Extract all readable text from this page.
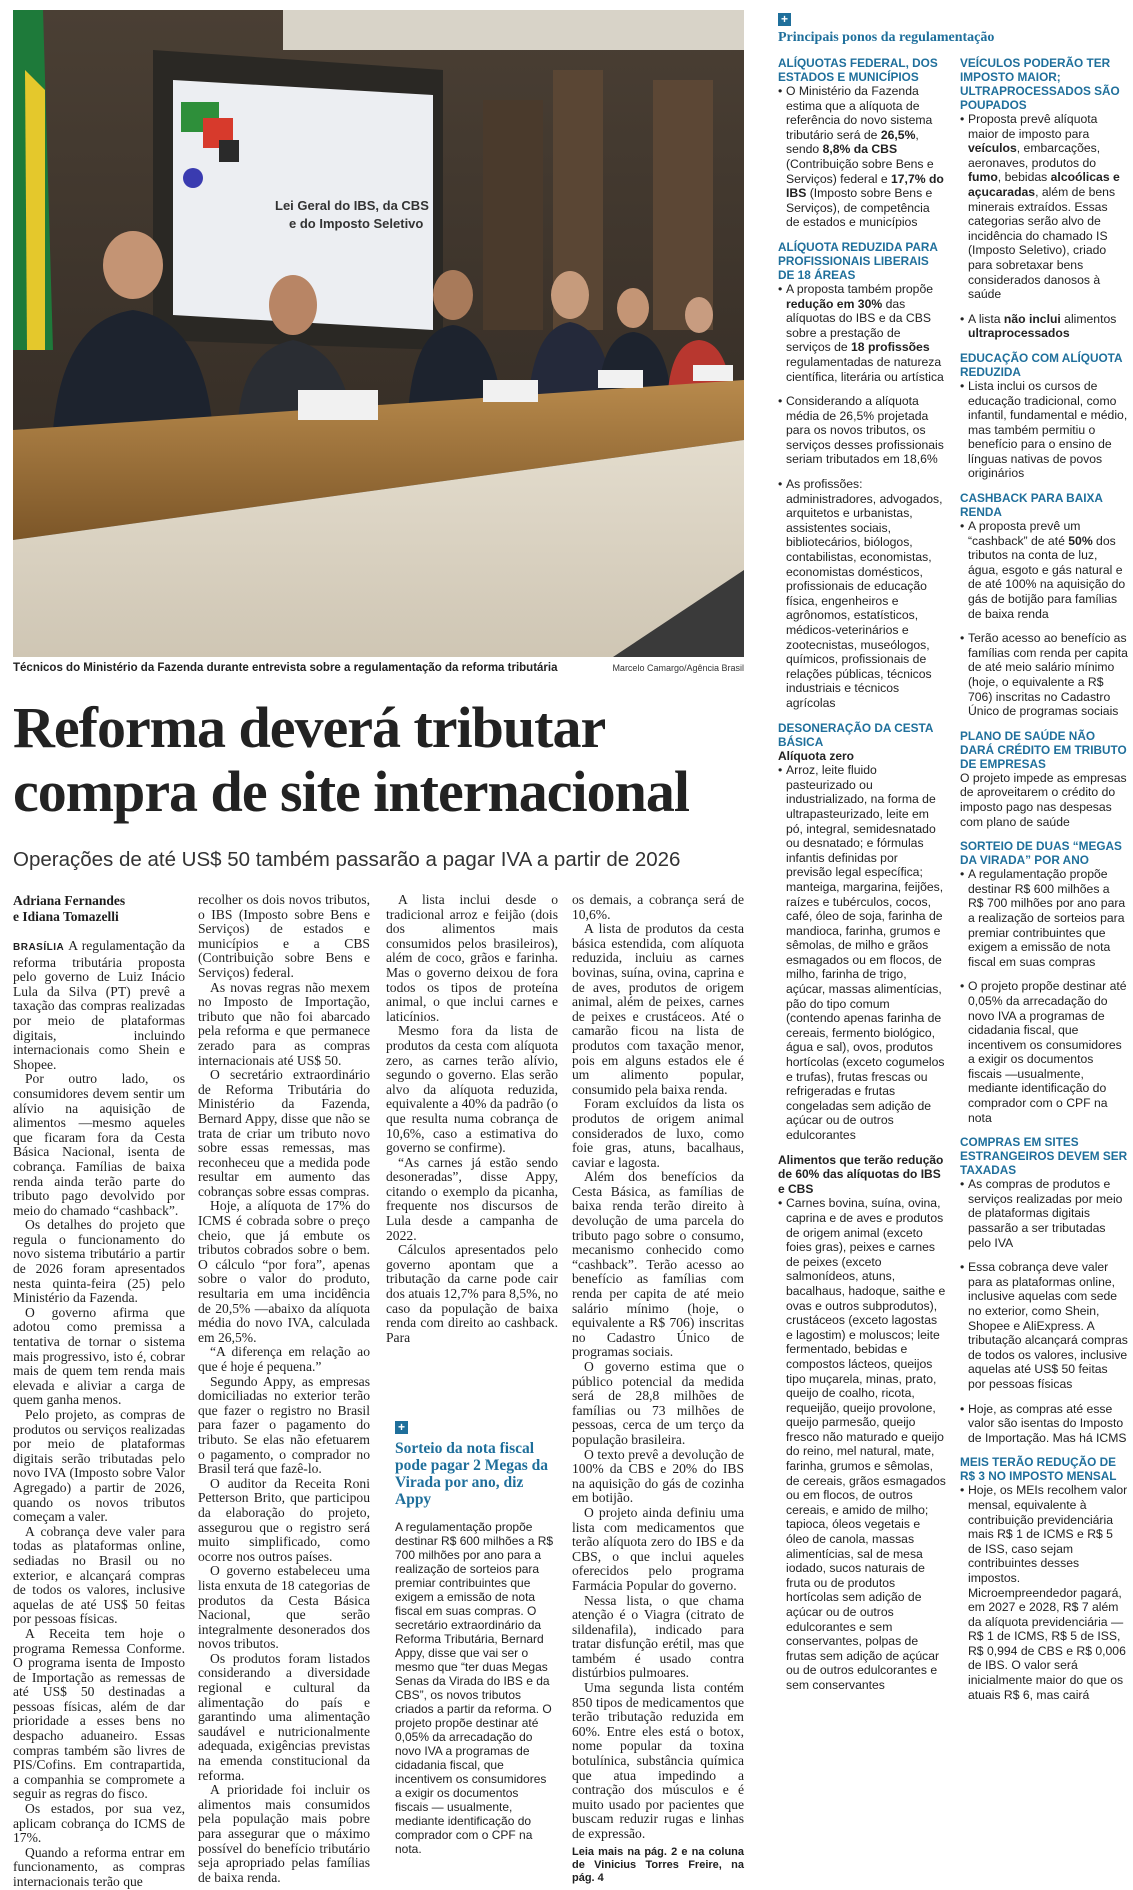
Lei Geral do IBS, da CBS
e do Imposto Seletivo
Técnicos do Ministério da Fazenda durante entrevista sobre a regulamentação da reforma tributária	Marcelo Camargo/Agência Brasil
Reforma deverá tributar
compra de site internacional
Operações de até US$ 50 também passarão a pagar IVA a partir de 2026
Adriana Fernandes
e Idiana Tomazelli

BRASÍLIA A regulamentação da reforma tributária proposta pelo governo de Luiz Inácio Lula da Silva (PT) prevê a taxação das compras realizadas por meio de plataformas digitais, incluindo internacionais como Shein e Shopee.

Por outro lado, os consumidores devem sentir um alívio na aquisição de alimentos —mesmo aqueles que ficaram fora da Cesta Básica Nacional, isenta de cobrança. Famílias de baixa renda ainda terão parte do tributo pago devolvido por meio do chamado “cashback”.

Os detalhes do projeto que regula o funcionamento do novo sistema tributário a partir de 2026 foram apresentados nesta quinta-feira (25) pelo Ministério da Fazenda.

O governo afirma que adotou como premissa a tentativa de tornar o sistema mais progressivo, isto é, cobrar mais de quem tem renda mais elevada e aliviar a carga de quem ganha menos.

Pelo projeto, as compras de produtos ou serviços realizadas por meio de plataformas digitais serão tributadas pelo novo IVA (Imposto sobre Valor Agregado) a partir de 2026, quando os novos tributos começam a valer.

A cobrança deve valer para todas as plataformas online, sediadas no Brasil ou no exterior, e alcançará compras de todos os valores, inclusive aquelas de até US$ 50 feitas por pessoas físicas.

A Receita tem hoje o programa Remessa Conforme. O programa isenta de Imposto de Importação as remessas de até US$ 50 destinadas a pessoas físicas, além de dar prioridade a esses bens no despacho aduaneiro. Essas compras também são livres de PIS/Cofins. Em contrapartida, a companhia se compromete a seguir as regras do fisco.

Os estados, por sua vez, aplicam cobrança do ICMS de 17%.

Quando a reforma entrar em funcionamento, as compras internacionais terão que

recolher os dois novos tributos, o IBS (Imposto sobre Bens e Serviços) de estados e municípios e a CBS (Contribuição sobre Bens e Serviços) federal.

As novas regras não mexem no Imposto de Importação, tributo que não foi abarcado pela reforma e que permanece zerado para as compras internacionais até US$ 50.

O secretário extraordinário de Reforma Tributária do Ministério da Fazenda, Bernard Appy, disse que não se trata de criar um tributo novo sobre essas remessas, mas reconheceu que a medida pode resultar em aumento das cobranças sobre essas compras.

Hoje, a alíquota de 17% do ICMS é cobrada sobre o preço cheio, que já embute os tributos cobrados sobre o bem. O cálculo “por fora”, apenas sobre o valor do produto, resultaria em uma incidência de 20,5% —abaixo da alíquota média do novo IVA, calculada em 26,5%.

“A diferença em relação ao que é hoje é pequena.”

Segundo Appy, as empresas domiciliadas no exterior terão que fazer o registro no Brasil para fazer o pagamento do tributo. Se elas não efetuarem o pagamento, o comprador no Brasil terá que fazê-lo.

O auditor da Receita Roni Petterson Brito, que participou da elaboração do projeto, assegurou que o registro será muito simplificado, como ocorre nos outros países.

O governo estabeleceu uma lista enxuta de 18 categorias de produtos da Cesta Básica Nacional, que serão integralmente desonerados dos novos tributos.

Os produtos foram listados considerando a diversidade regional e cultural da alimentação do país e garantindo uma alimentação saudável e nutricionalmente adequada, exigências previstas na emenda constitucional da reforma.

A prioridade foi incluir os alimentos mais consumidos pela população mais pobre para assegurar que o máximo possível do benefício tributário seja apropriado pelas famílias de baixa renda.

A lista inclui desde o tradicional arroz e feijão (dois dos alimentos mais consumidos pelos brasileiros), além de coco, grãos e farinha. Mas o governo deixou de fora todos os tipos de proteína animal, o que inclui carnes e laticínios.

Mesmo fora da lista de produtos da cesta com alíquota zero, as carnes terão alívio, segundo o governo. Elas serão alvo da alíquota reduzida, equivalente a 40% da padrão (o que resulta numa cobrança de 10,6%, caso a estimativa do governo se confirme).

“As carnes já estão sendo desoneradas”, disse Appy, citando o exemplo da picanha, frequente nos discursos de Lula desde a campanha de 2022.

Cálculos apresentados pelo governo apontam que a tributação da carne pode cair dos atuais 12,7% para 8,5%, no caso da população de baixa renda com direito ao cashback. Para

+
Sorteio da nota fiscal pode pagar 2 Megas da Virada por ano, diz Appy
A regulamentação propõe destinar R$ 600 milhões a R$ 700 milhões por ano para a realização de sorteios para premiar contribuintes que exigem a emissão de nota fiscal em suas compras. O secretário extraordinário da Reforma Tributária, Bernard Appy, disse que vai ser o mesmo que “ter duas Megas Senas da Virada do IBS e da CBS”, os novos tributos criados a partir da reforma. O projeto propõe destinar até 0,05% da arrecadação do novo IVA a programas de cidadania fiscal, que incentivem os consumidores a exigir os documentos fiscais — usualmente, mediante identificação do comprador com o CPF na nota.

os demais, a cobrança será de 10,6%.

A lista de produtos da cesta básica estendida, com alíquota reduzida, incluiu as carnes bovinas, suína, ovina, caprina e de aves, produtos de origem animal, além de peixes, carnes de peixes e crustáceos. Até o camarão ficou na lista de produtos com taxação menor, pois em alguns estados ele é um alimento popular, consumido pela baixa renda.

Foram excluídos da lista os produtos de origem animal considerados de luxo, como foie gras, atuns, bacalhaus, caviar e lagosta.

Além dos benefícios da Cesta Básica, as famílias de baixa renda terão direito à devolução de uma parcela do tributo pago sobre o consumo, mecanismo conhecido como “cashback”. Terão acesso ao benefício as famílias com renda per capita de até meio salário mínimo (hoje, o equivalente a R$ 706) inscritas no Cadastro Único de programas sociais.

O governo estima que o público potencial da medida será de 28,8 milhões de famílias ou 73 milhões de pessoas, cerca de um terço da população brasileira.

O texto prevê a devolução de 100% da CBS e 20% do IBS na aquisição do gás de cozinha em botijão.

O projeto ainda definiu uma lista com medicamentos que terão alíquota zero do IBS e da CBS, o que inclui aqueles oferecidos pelo programa Farmácia Popular do governo.

Nessa lista, o que chama atenção é o Viagra (citrato de sildenafila), indicado para tratar disfunção erétil, mas que também é usado contra distúrbios pulmoares.

Uma segunda lista contém 850 tipos de medicamentos que terão tributação reduzida em 60%. Entre eles está o botox, nome popular da toxina botulínica, substância química que atua impedindo a contração dos músculos e é muito usado por pacientes que buscam reduzir rugas e linhas de expressão.

Leia mais na pág. 2 e na coluna de Vinicius Torres Freire, na pág. 4
+
Principais ponos da regulamentação
ALÍQUOTAS FEDERAL, DOS ESTADOS E MUNICÍPIOS
• O Ministério da Fazenda estima que a alíquota de referência do novo sistema tributário será de 26,5%, sendo 8,8% da CBS (Contribuição sobre Bens e Serviços) federal e 17,7% do IBS (Imposto sobre Bens e Serviços), de competência de estados e municípios
ALÍQUOTA REDUZIDA PARA PROFISSIONAIS LIBERAIS DE 18 ÁREAS
• A proposta também propõe redução em 30% das alíquotas do IBS e da CBS sobre a prestação de serviços de 18 profissões regulamentadas de natureza científica, literária ou artística
• Considerando a alíquota média de 26,5% projetada para os novos tributos, os serviços desses profissionais seriam tributados em 18,6%
• As profissões: administradores, advogados, arquitetos e urbanistas, assistentes sociais, bibliotecários, biólogos, contabilistas, economistas, economistas domésticos, profissionais de educação física, engenheiros e agrônomos, estatísticos, médicos-veterinários e zootecnistas, museólogos, químicos, profissionais de relações públicas, técnicos industriais e técnicos agrícolas
DESONERAÇÃO DA CESTA BÁSICA
Alíquota zero
• Arroz, leite fluido pasteurizado ou industrializado, na forma de ultrapasteurizado, leite em pó, integral, semidesnatado ou desnatado; e fórmulas infantis definidas por previsão legal específica; manteiga, margarina, feijões, raízes e tubérculos, cocos, café, óleo de soja, farinha de mandioca, farinha, grumos e sêmolas, de milho e grãos esmagados ou em flocos, de milho, farinha de trigo, açúcar, massas alimentícias, pão do tipo comum (contendo apenas farinha de cereais, fermento biológico, água e sal), ovos, produtos hortícolas (exceto cogumelos e trufas), frutas frescas ou refrigeradas e frutas congeladas sem adição de açúcar ou de outros edulcorantes
Alimentos que terão redução de 60% das alíquotas do IBS e CBS
• Carnes bovina, suína, ovina, caprina e de aves e produtos de origem animal (exceto foies gras), peixes e carnes de peixes (exceto salmonídeos, atuns, bacalhaus, hadoque, saithe e ovas e outros subprodutos), crustáceos (exceto lagostas e lagostim) e moluscos; leite fermentado, bebidas e compostos lácteos, queijos tipo muçarela, minas, prato, queijo de coalho, ricota, requeijão, queijo provolone, queijo parmesão, queijo fresco não maturado e queijo do reino, mel natural, mate, farinha, grumos e sêmolas, de cereais, grãos esmagados ou em flocos, de outros cereais, e amido de milho; tapioca, óleos vegetais e óleo de canola, massas alimentícias, sal de mesa iodado, sucos naturais de fruta ou de produtos hortícolas sem adição de açúcar ou de outros edulcorantes e sem conservantes, polpas de frutas sem adição de açúcar ou de outros edulcorantes e sem conservantes
VEÍCULOS PODERÃO TER IMPOSTO MAIOR; ULTRAPROCESSADOS SÃO POUPADOS
• Proposta prevê alíquota maior de imposto para veículos, embarcações, aeronaves, produtos do fumo, bebidas alcoólicas e açucaradas, além de bens minerais extraídos. Essas categorias serão alvo de incidência do chamado IS (Imposto Seletivo), criado para sobretaxar bens considerados danosos à saúde
• A lista não inclui alimentos ultraprocessados
EDUCAÇÃO COM ALÍQUOTA REDUZIDA
• Lista inclui os cursos de educação tradicional, como infantil, fundamental e médio, mas também permitiu o benefício para o ensino de línguas nativas de povos originários
CASHBACK PARA BAIXA RENDA
• A proposta prevê um “cashback” de até 50% dos tributos na conta de luz, água, esgoto e gás natural e de até 100% na aquisição do gás de botijão para famílias de baixa renda
• Terão acesso ao benefício as famílias com renda per capita de até meio salário mínimo (hoje, o equivalente a R$ 706) inscritas no Cadastro Único de programas sociais
PLANO DE SAÚDE NÃO DARÁ CRÉDITO EM TRIBUTO DE EMPRESAS
O projeto impede as empresas de aproveitarem o crédito do imposto pago nas despesas com plano de saúde
SORTEIO DE DUAS “MEGAS DA VIRADA” POR ANO
• A regulamentação propõe destinar R$ 600 milhões a R$ 700 milhões por ano para a realização de sorteios para premiar contribuintes que exigem a emissão de nota fiscal em suas compras
• O projeto propõe destinar até 0,05% da arrecadação do novo IVA a programas de cidadania fiscal, que incentivem os consumidores a exigir os documentos fiscais —usualmente, mediante identificação do comprador com o CPF na nota
COMPRAS EM SITES ESTRANGEIROS DEVEM SER TAXADAS
• As compras de produtos e serviços realizadas por meio de plataformas digitais passarão a ser tributadas pelo IVA
• Essa cobrança deve valer para as plataformas online, inclusive aquelas com sede no exterior, como Shein, Shopee e AliExpress. A tributação alcançará compras de todos os valores, inclusive aquelas até US$ 50 feitas por pessoas físicas
• Hoje, as compras até esse valor são isentas do Imposto de Importação. Mas há ICMS
MEIS TERÃO REDUÇÃO DE R$ 3 NO IMPOSTO MENSAL
• Hoje, os MEIs recolhem valor mensal, equivalente à contribuição previdenciária mais R$ 1 de ICMS e R$ 5 de ISS, caso sejam contribuintes desses impostos. Microempreendedor pagará, em 2027 e 2028, R$ 7 além da alíquota previdenciária —R$ 1 de ICMS, R$ 5 de ISS, R$ 0,994 de CBS e R$ 0,006 de IBS. O valor será inicialmente maior do que os atuais R$ 6, mas cairá
